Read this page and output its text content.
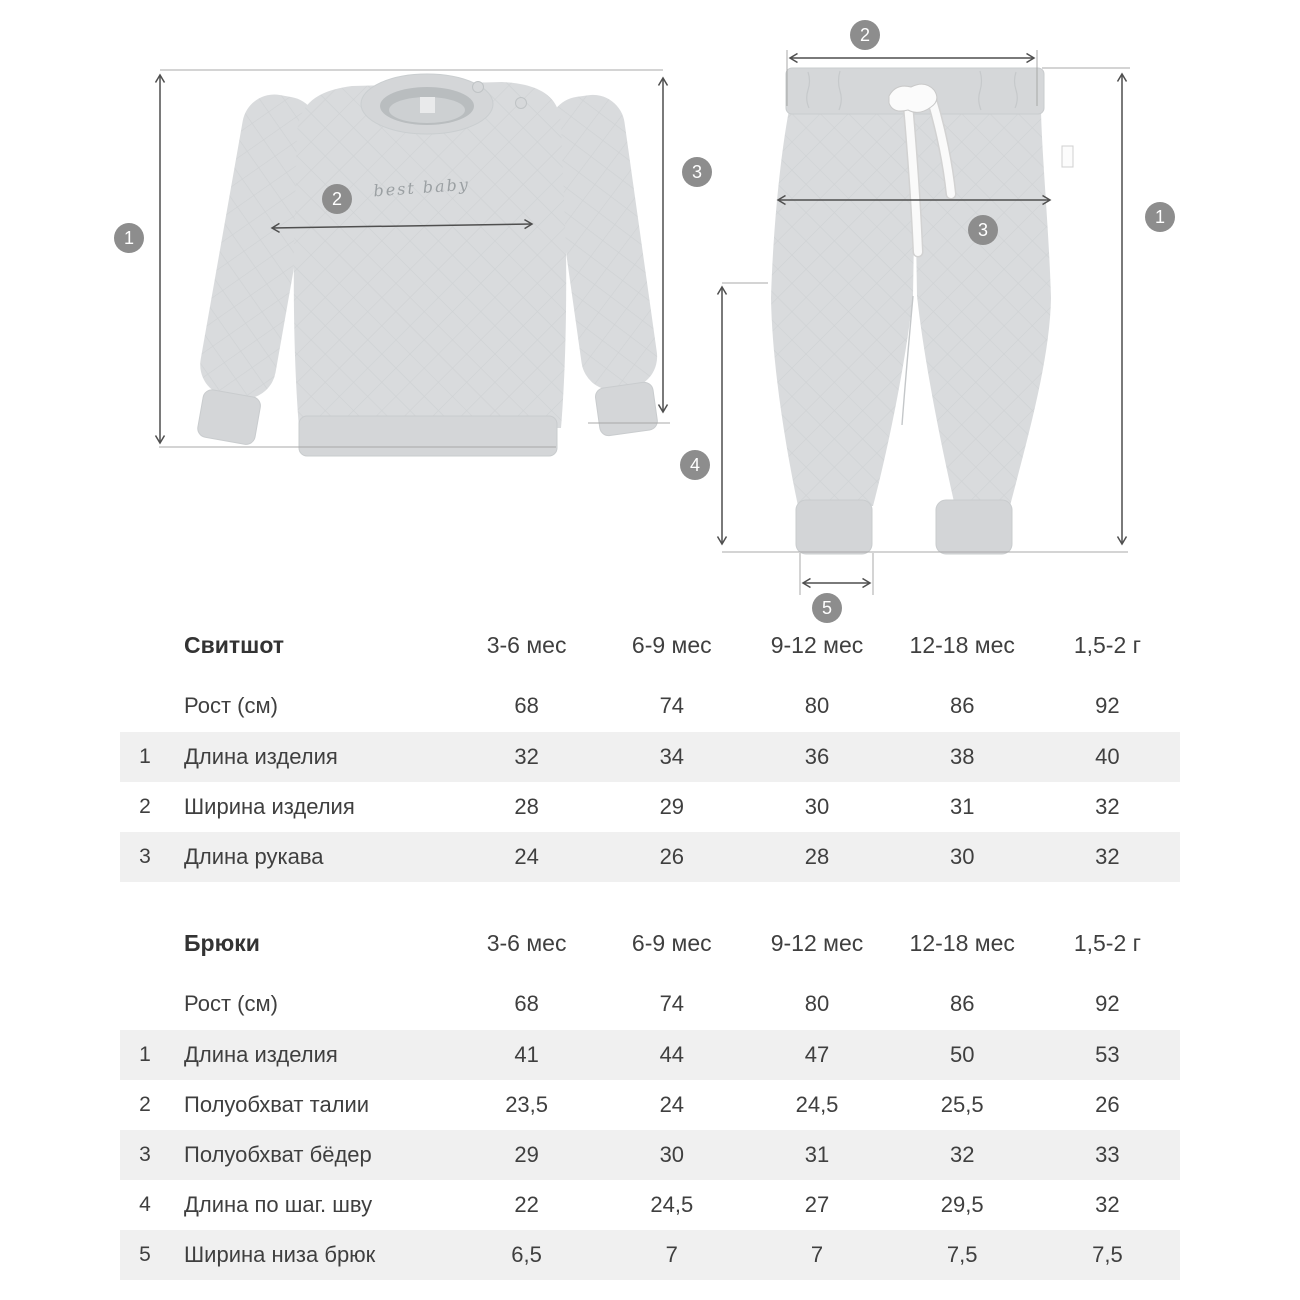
best baby
1
2
3
2
1
3
4
5
Свитшот	3-6 мес	6-9 мес	9-12 мес	12-18 мес	1,5-2 г
Рост (см)	68	74	80	86	92
1	Длина изделия	32	34	36	38	40
2	Ширина изделия	28	29	30	31	32
3	Длина рукава	24	26	28	30	32
Брюки	3-6 мес	6-9 мес	9-12 мес	12-18 мес	1,5-2 г
Рост (см)	68	74	80	86	92
1	Длина изделия	41	44	47	50	53
2	Полуобхват талии	23,5	24	24,5	25,5	26
3	Полуобхват бёдер	29	30	31	32	33
4	Длина по шаг. шву	22	24,5	27	29,5	32
5	Ширина низа брюк	6,5	7	7	7,5	7,5
